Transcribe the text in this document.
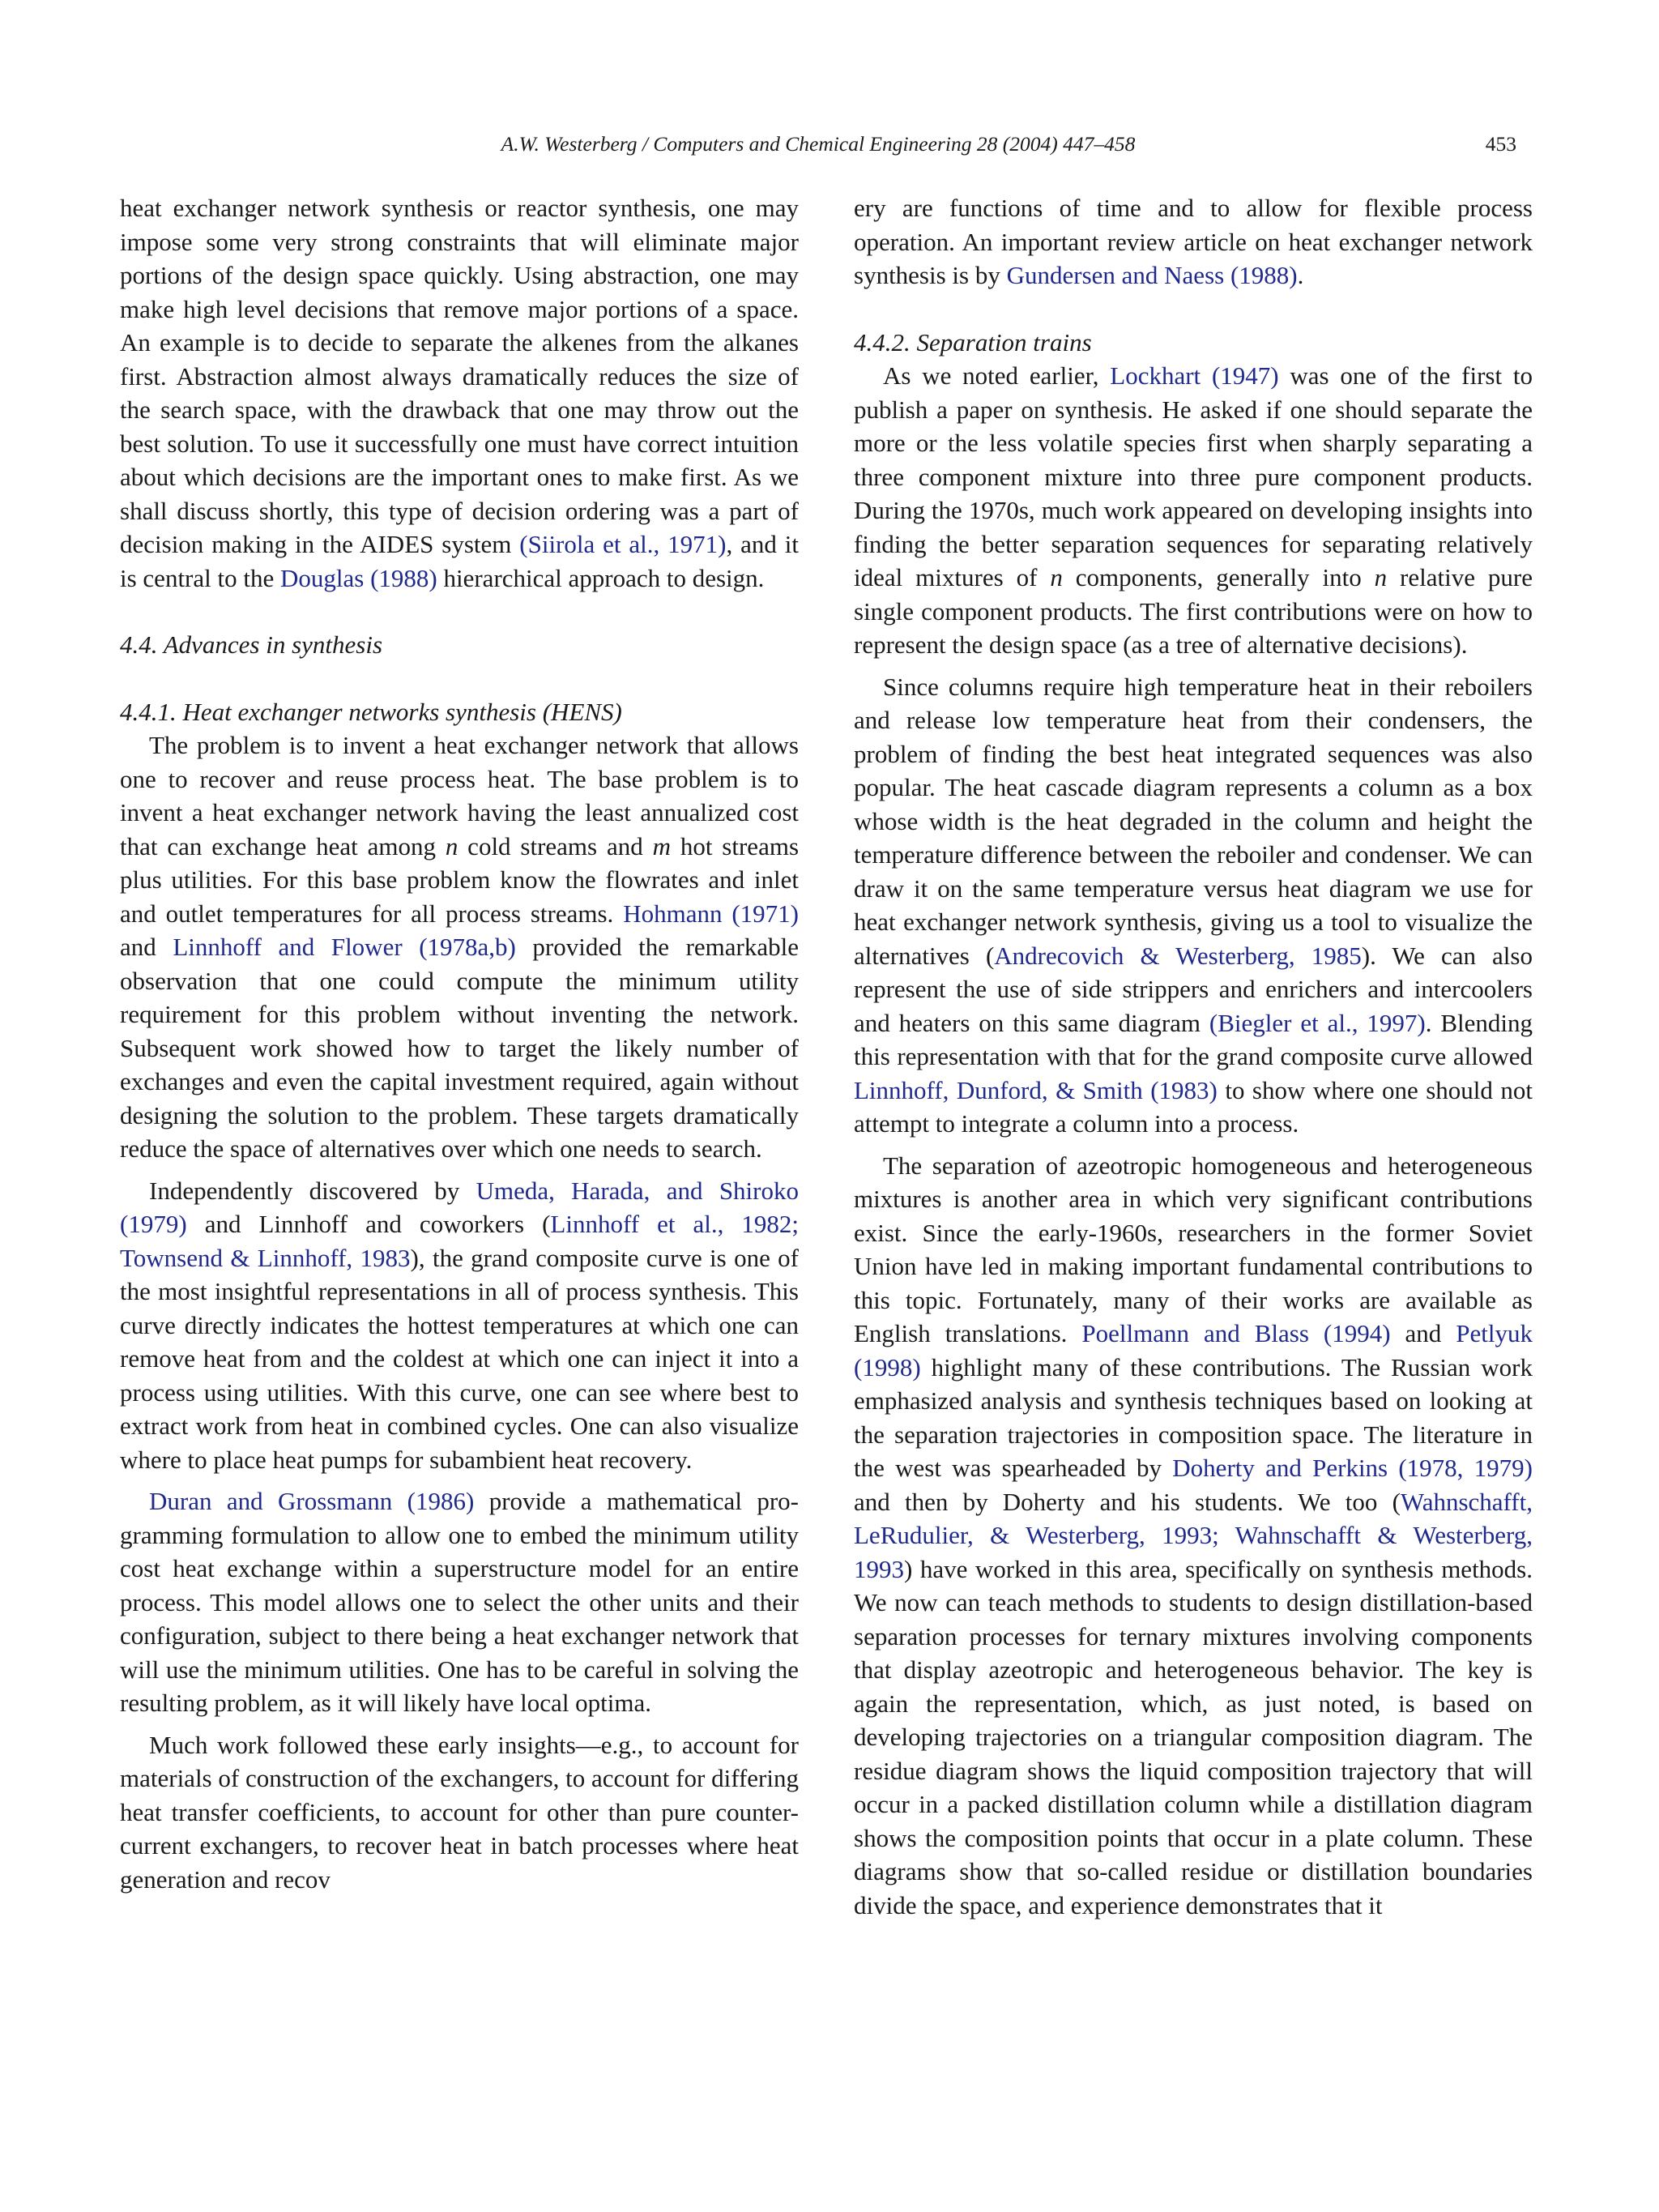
A.W. Westerberg / Computers and Chemical Engineering 28 (2004) 447–458	453

heat exchanger network synthesis or reactor synthesis, one may impose some very strong constraints that will eliminate major portions of the design space quickly. Using abstraction, one may make high level decisions that remove major portions of a space. An example is to decide to separate the alkenes from the alkanes first. Abstraction almost always dramatically reduces the size of the search space, with the drawback that one may throw out the best solution. To use it successfully one must have correct intuition about which decisions are the important ones to make first. As we shall discuss shortly, this type of decision ordering was a part of decision making in the AIDES system (Siirola et al., 1971), and it is central to the Douglas (1988) hierarchical approach to design.

4.4. Advances in synthesis
4.4.1. Heat exchanger networks synthesis (HENS)

The problem is to invent a heat exchanger network that allows one to recover and reuse process heat. The base problem is to invent a heat exchanger network having the least annualized cost that can exchange heat among n cold streams and m hot streams plus utilities. For this base problem know the flowrates and inlet and outlet temperatures for all process streams. Hohmann (1971) and Linnhoff and Flower (1978a,b) provided the remarkable observation that one could compute the minimum utility requirement for this problem without inventing the network. Subsequent work showed how to target the likely number of exchanges and even the capital investment required, again without designing the solution to the problem. These targets dramatically reduce the space of alternatives over which one needs to search.

Independently discovered by Umeda, Harada, and Shiroko (1979) and Linnhoff and coworkers (Linnhoff et al., 1982; Townsend & Linnhoff, 1983), the grand composite curve is one of the most insightful representations in all of process synthesis. This curve directly indicates the hottest temperatures at which one can remove heat from and the coldest at which one can inject it into a process using utilities. With this curve, one can see where best to extract work from heat in combined cycles. One can also visualize where to place heat pumps for subambient heat recovery.

Duran and Grossmann (1986) provide a mathematical programming formulation to allow one to embed the minimum utility cost heat exchange within a superstructure model for an entire process. This model allows one to select the other units and their configuration, subject to there being a heat exchanger network that will use the minimum utilities. One has to be careful in solving the resulting problem, as it will likely have local optima.

Much work followed these early insights—e.g., to account for materials of construction of the exchangers, to account for differing heat transfer coefficients, to account for other than pure counter-current exchangers, to recover heat in batch processes where heat generation and recov

ery are functions of time and to allow for flexible process operation. An important review article on heat exchanger network synthesis is by Gundersen and Naess (1988).

4.4.2. Separation trains

As we noted earlier, Lockhart (1947) was one of the first to publish a paper on synthesis. He asked if one should separate the more or the less volatile species first when sharply separating a three component mixture into three pure component products. During the 1970s, much work appeared on developing insights into finding the better separation sequences for separating relatively ideal mixtures of n components, generally into n relative pure single component products. The first contributions were on how to represent the design space (as a tree of alternative decisions).

Since columns require high temperature heat in their reboilers and release low temperature heat from their condensers, the problem of finding the best heat integrated sequences was also popular. The heat cascade diagram represents a column as a box whose width is the heat degraded in the column and height the temperature difference between the reboiler and condenser. We can draw it on the same temperature versus heat diagram we use for heat exchanger network synthesis, giving us a tool to visualize the alternatives (Andrecovich & Westerberg, 1985). We can also represent the use of side strippers and enrichers and intercoolers and heaters on this same diagram (Biegler et al., 1997). Blending this representation with that for the grand composite curve allowed Linnhoff, Dunford, & Smith (1983) to show where one should not attempt to integrate a column into a process.

The separation of azeotropic homogeneous and heterogeneous mixtures is another area in which very significant contributions exist. Since the early-1960s, researchers in the former Soviet Union have led in making important fundamental contributions to this topic. Fortunately, many of their works are available as English translations. Poellmann and Blass (1994) and Petlyuk (1998) highlight many of these contributions. The Russian work emphasized analysis and synthesis techniques based on looking at the separation trajectories in composition space. The literature in the west was spearheaded by Doherty and Perkins (1978, 1979) and then by Doherty and his students. We too (Wahnschafft, LeRudulier, & Westerberg, 1993; Wahnschafft & Westerberg, 1993) have worked in this area, specifically on synthesis methods. We now can teach methods to students to design distillation-based separation processes for ternary mixtures involving components that display azeotropic and heterogeneous behavior. The key is again the representation, which, as just noted, is based on developing trajectories on a triangular composition diagram. The residue diagram shows the liquid composition trajectory that will occur in a packed distillation column while a distillation diagram shows the composition points that occur in a plate column. These diagrams show that so-called residue or distillation boundaries divide the space, and experience demonstrates that it
